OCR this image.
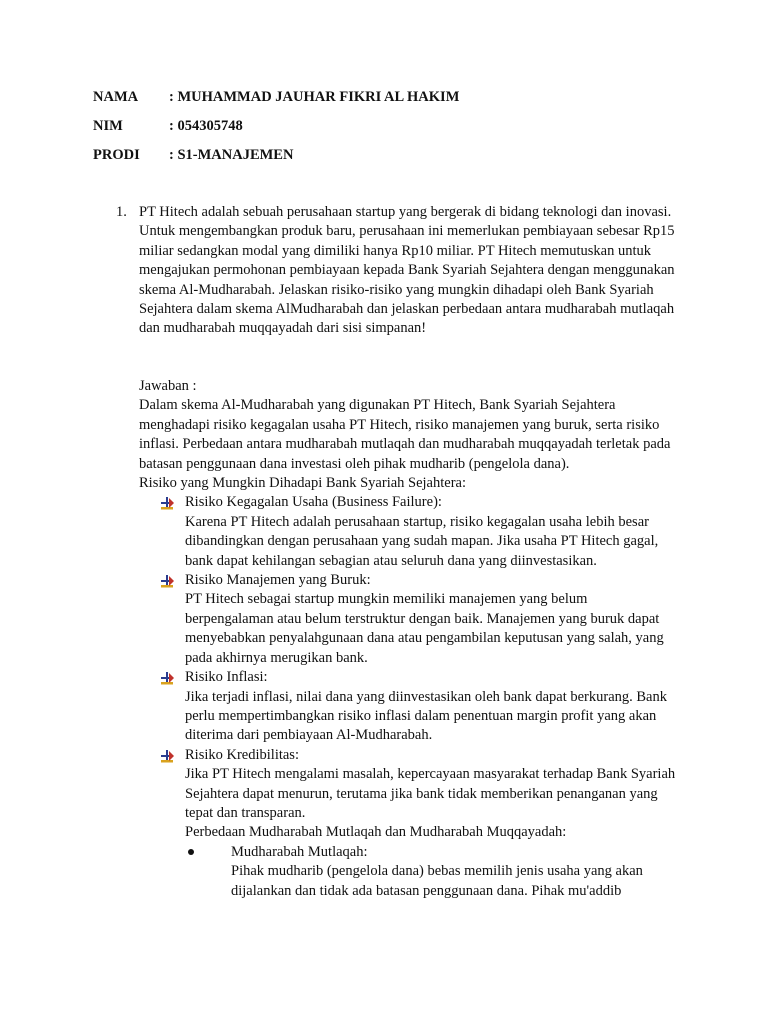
NAMA : MUHAMMAD JAUHAR FIKRI AL HAKIM
NIM	: 054305748
PRODI : S1-MANAJEMEN
1. PT Hitech adalah sebuah perusahaan startup yang bergerak di bidang teknologi dan inovasi. Untuk mengembangkan produk baru, perusahaan ini memerlukan pembiayaan sebesar Rp15 miliar sedangkan modal yang dimiliki hanya Rp10 miliar. PT Hitech memutuskan untuk mengajukan permohonan pembiayaan kepada Bank Syariah Sejahtera dengan menggunakan skema Al-Mudharabah. Jelaskan risiko-risiko yang mungkin dihadapi oleh Bank Syariah Sejahtera dalam skema AlMudharabah dan jelaskan perbedaan antara mudharabah mutlaqah dan mudharabah muqqayadah dari sisi simpanan!

Jawaban :

Dalam skema Al-Mudharabah yang digunakan PT Hitech, Bank Syariah Sejahtera menghadapi risiko kegagalan usaha PT Hitech, risiko manajemen yang buruk, serta risiko inflasi. Perbedaan antara mudharabah mutlaqah dan mudharabah muqqayadah terletak pada batasan penggunaan dana investasi oleh pihak mudharib (pengelola dana).

Risiko yang Mungkin Dihadapi Bank Syariah Sejahtera:

Risiko Kegagalan Usaha (Business Failure):
Karena PT Hitech adalah perusahaan startup, risiko kegagalan usaha lebih besar dibandingkan dengan perusahaan yang sudah mapan. Jika usaha PT Hitech gagal, bank dapat kehilangan sebagian atau seluruh dana yang diinvestasikan.
Risiko Manajemen yang Buruk:
PT Hitech sebagai startup mungkin memiliki manajemen yang belum berpengalaman atau belum terstruktur dengan baik. Manajemen yang buruk dapat menyebabkan penyalahgunaan dana atau pengambilan keputusan yang salah, yang pada akhirnya merugikan bank.
Risiko Inflasi:
Jika terjadi inflasi, nilai dana yang diinvestasikan oleh bank dapat berkurang. Bank perlu mempertimbangkan risiko inflasi dalam penentuan margin profit yang akan diterima dari pembiayaan Al-Mudharabah.
Risiko Kredibilitas:
Jika PT Hitech mengalami masalah, kepercayaan masyarakat terhadap Bank Syariah Sejahtera dapat menurun, terutama jika bank tidak memberikan penanganan yang tepat dan transparan.

Perbedaan Mudharabah Mutlaqah dan Mudharabah Muqqayadah:

Mudharabah Mutlaqah:
Pihak mudharib (pengelola dana) bebas memilih jenis usaha yang akan dijalankan dan tidak ada batasan penggunaan dana. Pihak mu'addib
